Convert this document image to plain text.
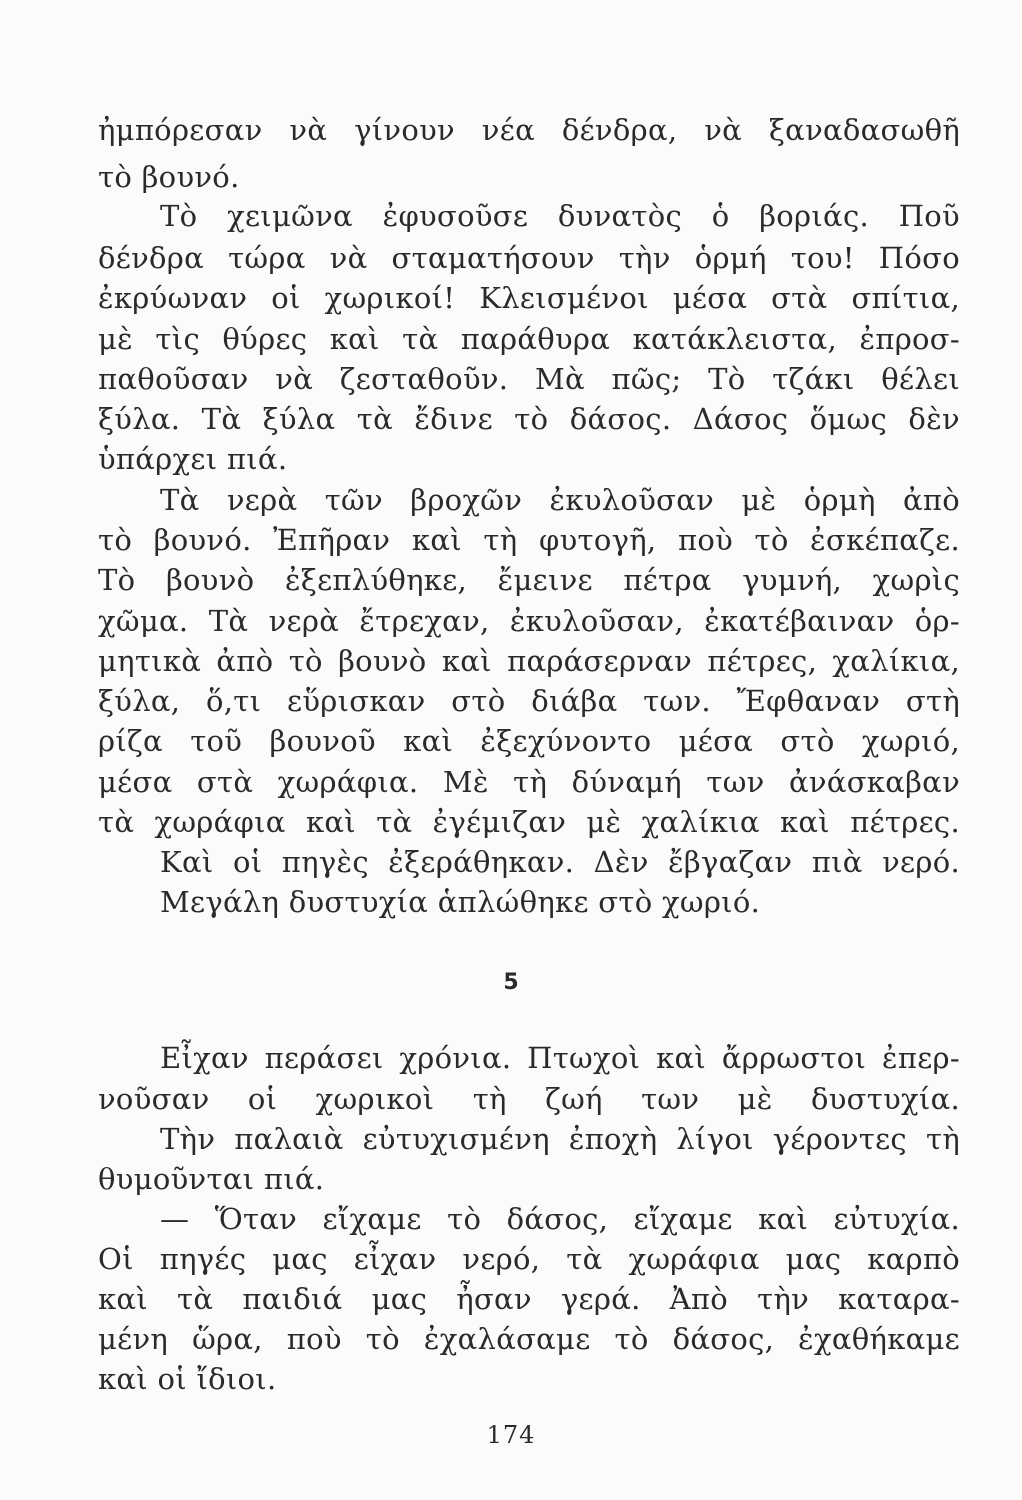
ἠμπόρεσαν νὰ γίνουν νέα δένδρα, νὰ ξαναδασωθῆ
τὸ βουνό.
Τὸ χειμῶνα ἐφυσοῦσε δυνατὸς ὁ βοριάς. Ποῦ
δένδρα τώρα νὰ σταματήσουν τὴν ὁρμή του! Πόσο
ἐκρύωναν οἱ χωρικοί! Κλεισμένοι μέσα στὰ σπίτια,
μὲ τὶς θύρες καὶ τὰ παράθυρα κατάκλειστα, ἐπροσ-
παθοῦσαν νὰ ζεσταθοῦν. Μὰ πῶς; Τὸ τζάκι θέλει
ξύλα. Τὰ ξύλα τὰ ἔδινε τὸ δάσος. Δάσος ὅμως δὲν
ὑπάρχει πιά.
Τὰ νερὰ τῶν βροχῶν ἐκυλοῦσαν μὲ ὁρμὴ ἀπὸ
τὸ βουνό. Ἐπῆραν καὶ τὴ φυτογῆ, ποὺ τὸ ἐσκέπαζε.
Τὸ βουνὸ ἐξεπλύθηκε, ἔμεινε πέτρα γυμνή, χωρὶς
χῶμα. Τὰ νερὰ ἔτρεχαν, ἐκυλοῦσαν, ἐκατέβαιναν ὁρ-
μητικὰ ἀπὸ τὸ βουνὸ καὶ παράσερναν πέτρες, χαλίκια,
ξύλα, ὅ,τι εὕρισκαν στὸ διάβα των. Ἔφθαναν στὴ
ρίζα τοῦ βουνοῦ καὶ ἐξεχύνοντο μέσα στὸ χωριό,
μέσα στὰ χωράφια. Μὲ τὴ δύναμή των ἀνάσκαβαν
τὰ χωράφια καὶ τὰ ἐγέμιζαν μὲ χαλίκια καὶ πέτρες.
Καὶ οἱ πηγὲς ἐξεράθηκαν. Δὲν ἔβγαζαν πιὰ νερό.
Μεγάλη δυστυχία ἁπλώθηκε στὸ χωριό.
5
Εἶχαν περάσει χρόνια. Πτωχοὶ καὶ ἄρρωστοι ἐπερ-
νοῦσαν οἱ χωρικοὶ τὴ ζωή των μὲ δυστυχία.
Τὴν παλαιὰ εὐτυχισμένη ἐποχὴ λίγοι γέροντες τὴ
θυμοῦνται πιά.
— Ὅταν εἴχαμε τὸ δάσος, εἴχαμε καὶ εὐτυχία.
Οἱ πηγές μας εἶχαν νερό, τὰ χωράφια μας καρπὸ
καὶ τὰ παιδιά μας ἦσαν γερά. Ἀπὸ τὴν καταρα-
μένη ὥρα, ποὺ τὸ ἐχαλάσαμε τὸ δάσος, ἐχαθήκαμε
καὶ οἱ ἴδιοι.
174
